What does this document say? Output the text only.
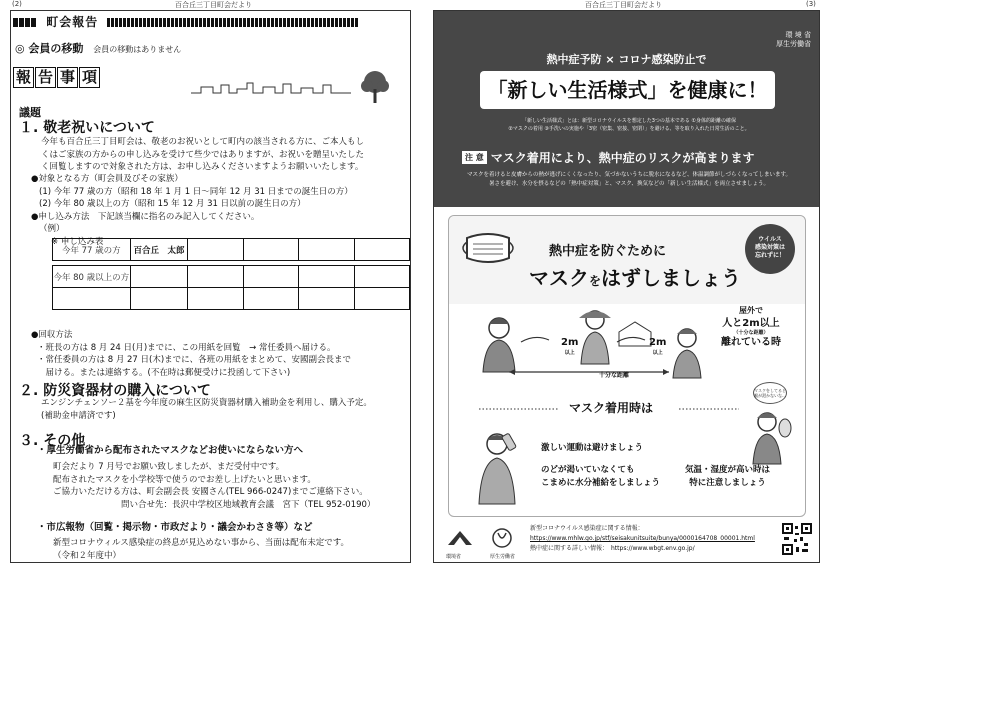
(2)	百合丘三丁目町会だより	百合丘三丁目町会だより	(3)
町会報告
◎ 会員の移動 会員の移動はありません
報 告 事 項
議題
１. 敬老祝いについて
今年も百合丘三丁目町会は、敬老のお祝いとして町内の該当される方に、ご本人もし
くはご家族の方からの申し込みを受けて些少ではありますが、お祝いを贈呈いたした
く回覧しますので対象された方は、お申し込みくださいますようお願いいたします。
●対象となる方（町会員及びその家族）
(1) 今年 77 歳の方（昭和 18 年 1 月 1 日～同年 12 月 31 日までの誕生日の方）
(2) 今年 80 歳以上の方（昭和 15 年 12 月 31 日以前の誕生日の方）
●申し込み方法　下記該当欄に指名のみ記入してください。
（例）
※ 申し込み表
今年 77 歳の方	百合丘　太郎				

今年 80 歳以上の方					

●回収方法
・班長の方は 8 月 24 日(月)までに、この用紙を回覧　→ 常任委員へ届ける。
・常任委員の方は 8 月 27 日(木)までに、各班の用紙をまとめて、安國副会長まで
　届ける。または連絡する。(不在時は郵便受けに投函して下さい)
２. 防災資器材の購入について
エンジンチェンソー２基を今年度の麻生区防災資器材購入補助金を利用し、購入予定。
(補助金申請済です)
３. その他
・厚生労働省から配布されたマスクなどお使いにならない方へ
町会だより 7 月号でお願い致しましたが、まだ受付中です。
配布されたマスクを小学校等で使うのでお差し上げたいと思います。
ご協力いただける方は、町会副会長 安國さん(TEL 966-0247)までご連絡下さい。
問い合せ先：長沢中学校区地域教育会議　宮下（TEL 952-0190）
・市広報物（回覧・掲示物・市政だより・議会かわさき等）など
新型コロナウィルス感染症の終息が見込めない事から、当面は配布未定です。
（令和２年度中）
環 境 省
厚生労働省
熱中症予防 × コロナ感染防止で
「新しい生活様式」を健康に！
「新しい生活様式」とは：新型コロナウイルスを想定した3つの基本である ①身体的距離の確保
②マスクの着用 ③手洗いの実施や「3密（密集、密接、密閉）」を避ける、等を取り入れた日常生活のこと。
注 意 マスク着用により、熱中症のリスクが高まります
マスクを着けると皮膚からの熱が逃げにくくなったり、気づかないうちに脱水になるなど、体温調節がしづらくなってしまいます。
暑さを避け、水分を摂るなどの「熱中症対策」と、マスク、換気などの「新しい生活様式」を両立させましょう。
熱中症を防ぐために
マスクをはずしましょう
ウイルス
感染対策は
忘れずに！
2m
以上
2m
以上
屋外で
人と2m以上
（十分な距離）
離れている時
十分な距離
マスク着用時は
マスクをしてると
喉が渇かないな...
激しい運動は避けましょう
のどが渇いていなくても
こまめに水分補給をしましょう
気温・湿度が高い時は
特に注意しましょう
環境省	厚生労働省
新型コロナウイルス感染症に関する情報：
https://www.mhlw.go.jp/stf/seisakunitsuite/bunya/0000164708_00001.html
熱中症に関する詳しい情報：　https://www.wbgt.env.go.jp/
